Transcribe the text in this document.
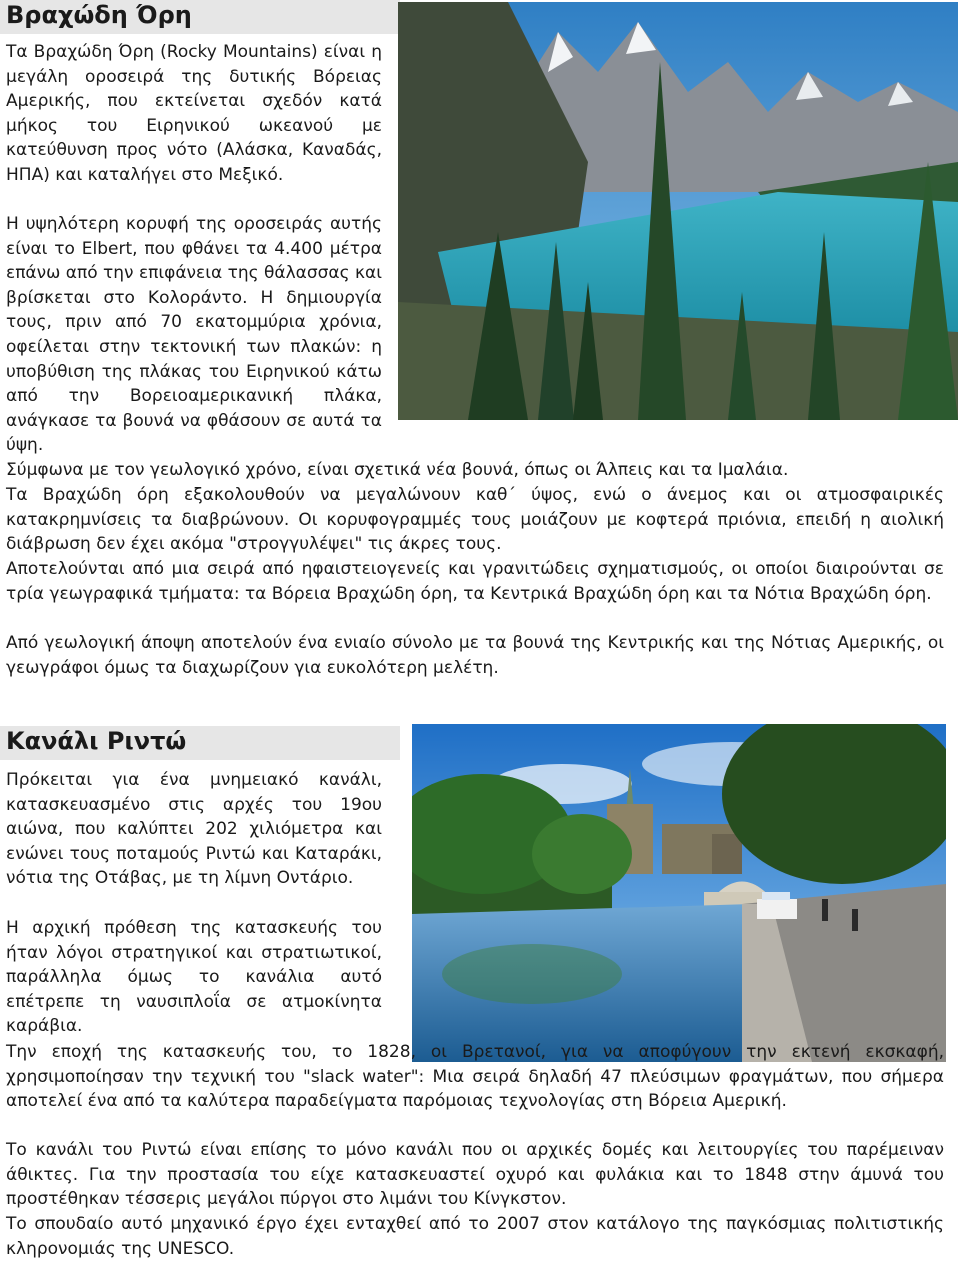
Βραχώδη Όρη

Τα Βραχώδη Όρη (Rocky Mountains) είναι η μεγάλη οροσειρά της δυτικής Βόρειας Αμερικής, που εκτείνεται σχεδόν κατά μήκος του Ειρηνικού ωκεανού με κατεύθυνση προς νότο (Αλάσκα, Καναδάς, ΗΠΑ) και καταλήγει στο Μεξικό.

Η υψηλότερη κορυφή της οροσειράς αυτής είναι το Elbert, που φθάνει τα 4.400 μέτρα επάνω από την επιφάνεια της θάλασσας και βρίσκεται στο Κολοράντο. Η δημιουργία τους, πριν από 70 εκατομμύρια χρόνια, οφείλεται στην τεκτονική των πλακών: η υποβύθιση της πλάκας του Ειρηνικού κάτω από την Βορειοαμερικανική πλάκα, ανάγκασε τα βουνά να φθάσουν σε αυτά τα ύψη.

Σύμφωνα με τον γεωλογικό χρόνο, είναι σχετικά νέα βουνά, όπως οι Άλπεις και τα Ιμαλάια.

Τα Βραχώδη όρη εξακολουθούν να μεγαλώνουν καθ΄ ύψος, ενώ ο άνεμος και οι ατμοσφαιρικές κατακρημνίσεις τα διαβρώνουν. Οι κορυφογραμμές τους μοιάζουν με κοφτερά πριόνια, επειδή η αιολική διάβρωση δεν έχει ακόμα "στρογγυλέψει" τις άκρες τους.

Αποτελούνται από μια σειρά από ηφαιστειογενείς και γρανιτώδεις σχηματισμούς, οι οποίοι διαιρούνται σε τρία γεωγραφικά τμήματα: τα Βόρεια Βραχώδη όρη, τα Κεντρικά Βραχώδη όρη και τα Νότια Βραχώδη όρη.

Από γεωλογική άποψη αποτελούν ένα ενιαίο σύνολο με τα βουνά της Κεντρικής και της Νότιας Αμερικής, οι γεωγράφοι όμως τα διαχωρίζουν για ευκολότερη μελέτη.

Κανάλι Ριντώ

Πρόκειται για ένα μνημειακό κανάλι, κατασκευασμένο στις αρχές του 19ου αιώνα, που καλύπτει 202 χιλιόμετρα και ενώνει τους ποταμούς Ριντώ και Καταράκι, νότια της Οτάβας, με τη λίμνη Οντάριο.

Η αρχική πρόθεση της κατασκευής του ήταν λόγοι στρατηγικοί και στρατιωτικοί, παράλληλα όμως το κανάλια αυτό επέτρεπε τη ναυσιπλοΐα σε ατμοκίνητα καράβια.

Την εποχή της κατασκευής του, το 1828, οι Βρετανοί, για να αποφύγουν την εκτενή εκσκαφή, χρησιμοποίησαν την τεχνική του "slack water": Μια σειρά δηλαδή 47 πλεύσιμων φραγμάτων, που σήμερα αποτελεί ένα από τα καλύτερα παραδείγματα παρόμοιας τεχνολογίας στη Βόρεια Αμερική.

Το κανάλι του Ριντώ είναι επίσης το μόνο κανάλι που οι αρχικές δομές και λειτουργίες του παρέμειναν άθικτες. Για την προστασία του είχε κατασκευαστεί οχυρό και φυλάκια και το 1848 στην άμυνά του προστέθηκαν τέσσερις μεγάλοι πύργοι στο λιμάνι του Κίνγκστον.

Το σπουδαίο αυτό μηχανικό έργο έχει ενταχθεί από το 2007 στον κατάλογο της παγκόσμιας πολιτιστικής κληρονομιάς της UNESCO.
